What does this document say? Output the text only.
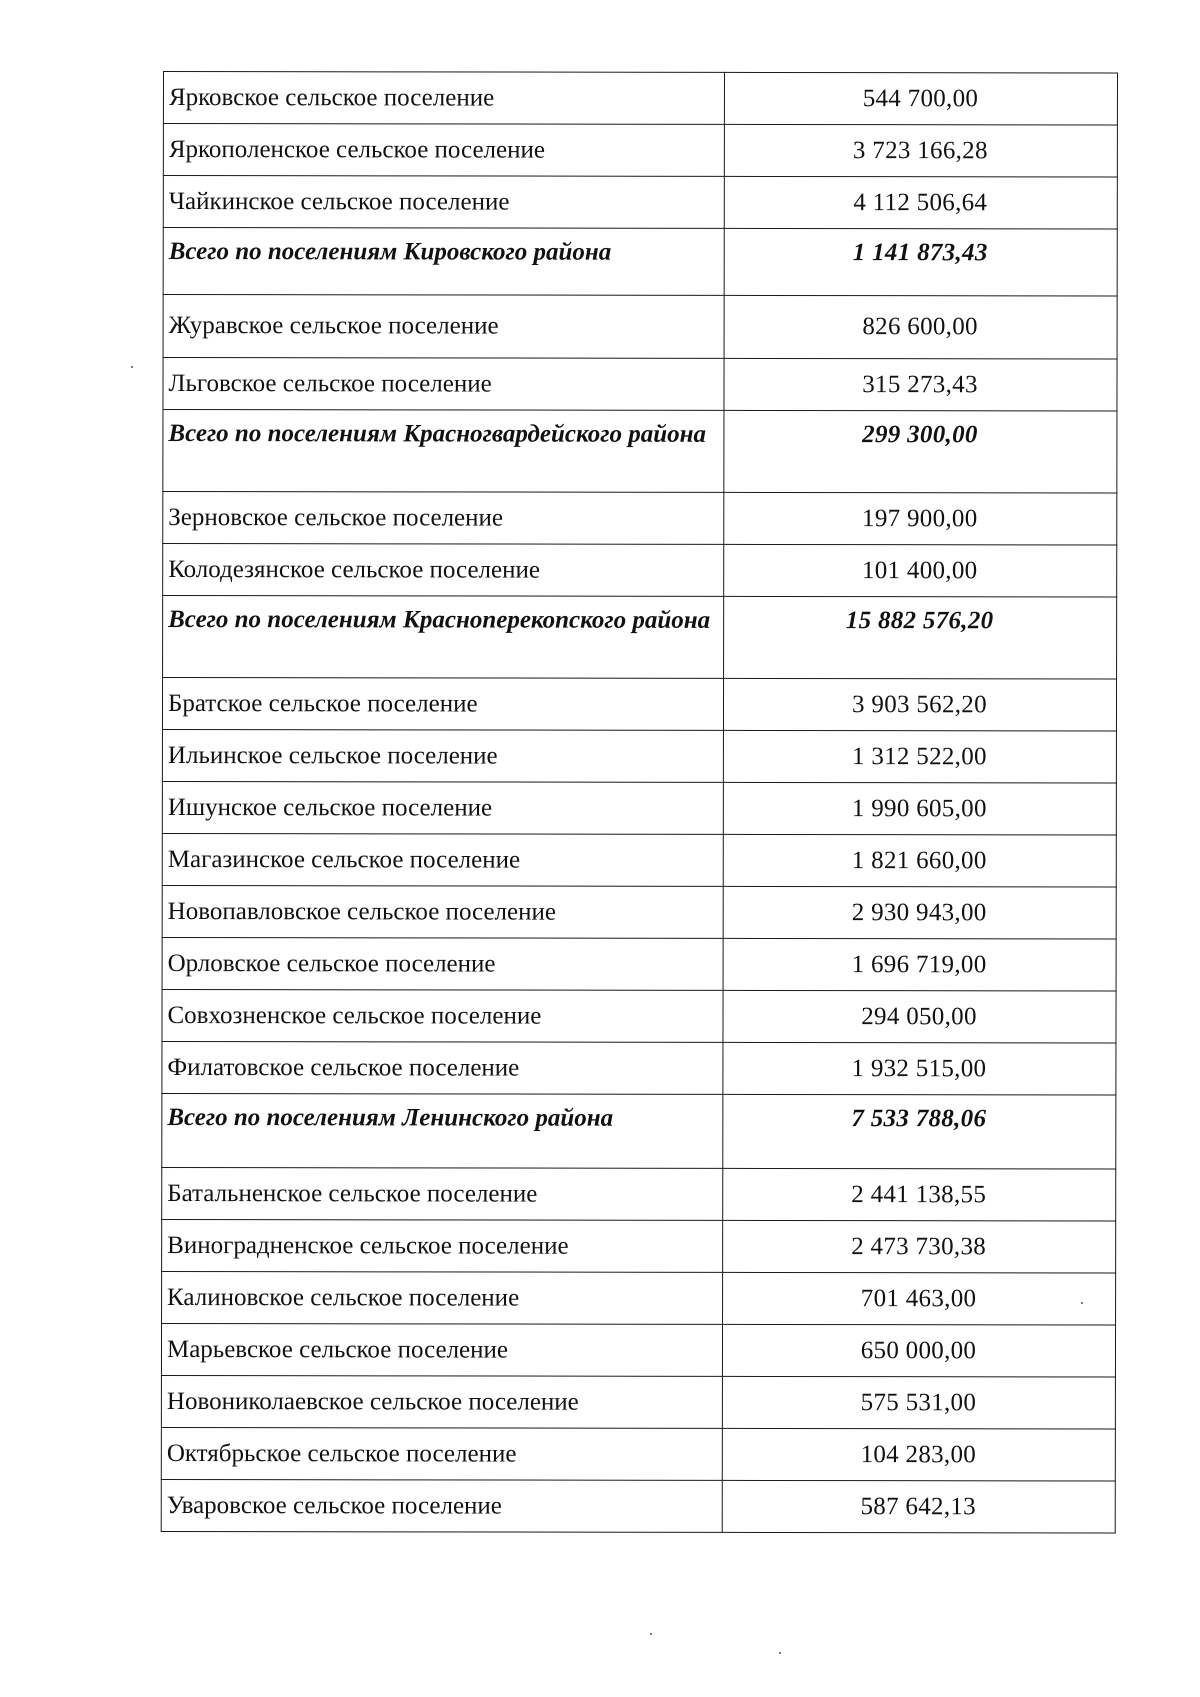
Ярковское сельское поселение	544 700,00
Яркополенское сельское поселение	3 723 166,28
Чайкинское сельское поселение	4 112 506,64
Всего по поселениям Кировского района	1 141 873,43
Журавское сельское поселение	826 600,00
Льговское сельское поселение	315 273,43
Всего по поселениям Красногвардейского района	299 300,00
Зерновское сельское поселение	197 900,00
Колодезянское сельское поселение	101 400,00
Всего по поселениям Красноперекопского района	15 882 576,20
Братское сельское поселение	3 903 562,20
Ильинское сельское поселение	1 312 522,00
Ишунское сельское поселение	1 990 605,00
Магазинское сельское поселение	1 821 660,00
Новопавловское сельское поселение	2 930 943,00
Орловское сельское поселение	1 696 719,00
Совхозненское сельское поселение	294 050,00
Филатовское сельское поселение	1 932 515,00
Всего по поселениям Ленинского района	7 533 788,06
Батальненское сельское поселение	2 441 138,55
Виноградненское сельское поселение	2 473 730,38
Калиновское сельское поселение	701 463,00
Марьевское сельское поселение	650 000,00
Новониколаевское сельское поселение	575 531,00
Октябрьское сельское поселение	104 283,00
Уваровское сельское поселение	587 642,13
